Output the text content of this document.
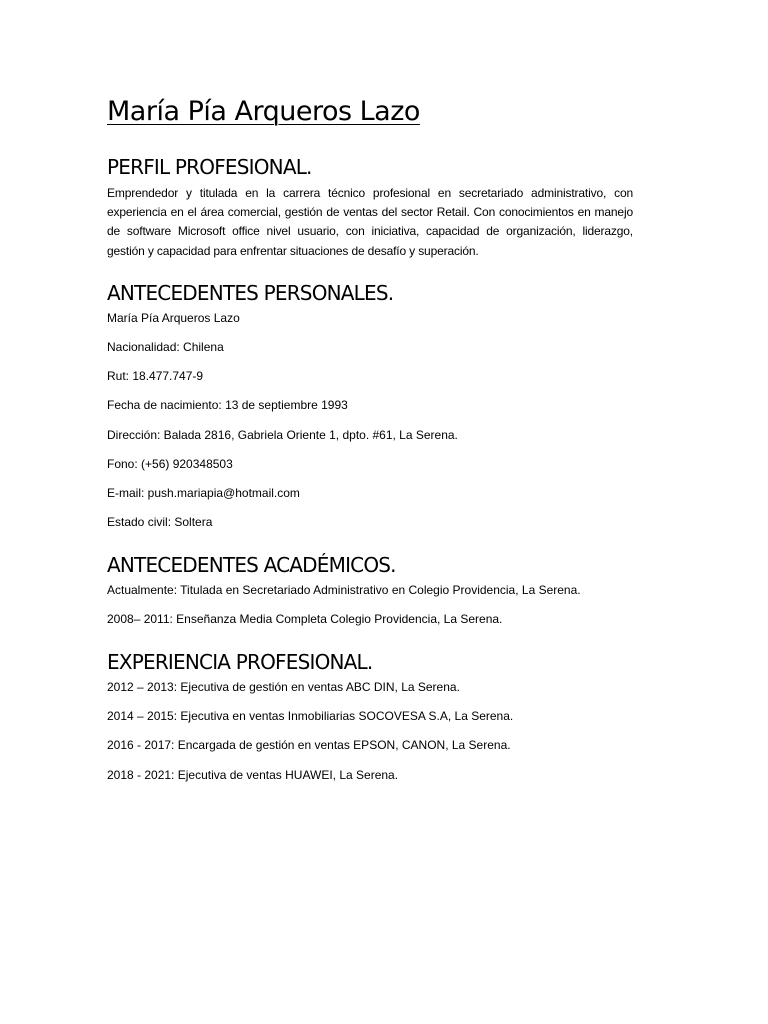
María Pía Arqueros Lazo
PERFIL PROFESIONAL.

Emprendedor y titulada en la carrera técnico profesional en secretariado administrativo, con experiencia en el área comercial, gestión de ventas del sector Retail. Con conocimientos en manejo de software Microsoft office nivel usuario, con iniciativa, capacidad de organización, liderazgo, gestión y capacidad para enfrentar situaciones de desafío y superación.

ANTECEDENTES PERSONALES.

María Pía Arqueros Lazo

Nacionalidad: Chilena

Rut: 18.477.747-9

Fecha de nacimiento: 13 de septiembre 1993

Dirección: Balada 2816, Gabriela Oriente 1, dpto. #61, La Serena.

Fono: (+56) 920348503

E-mail: push.mariapia@hotmail.com

Estado civil: Soltera

ANTECEDENTES ACADÉMICOS.

Actualmente: Titulada en Secretariado Administrativo en Colegio Providencia, La Serena.

2008– 2011: Enseñanza Media Completa Colegio Providencia, La Serena.

EXPERIENCIA PROFESIONAL.

2012 – 2013: Ejecutiva de gestión en ventas ABC DIN, La Serena.

2014 – 2015: Ejecutiva en ventas Inmobiliarias SOCOVESA S.A, La Serena.

2016 - 2017: Encargada de gestión en ventas EPSON, CANON, La Serena.

2018 - 2021: Ejecutiva de ventas HUAWEI, La Serena.
